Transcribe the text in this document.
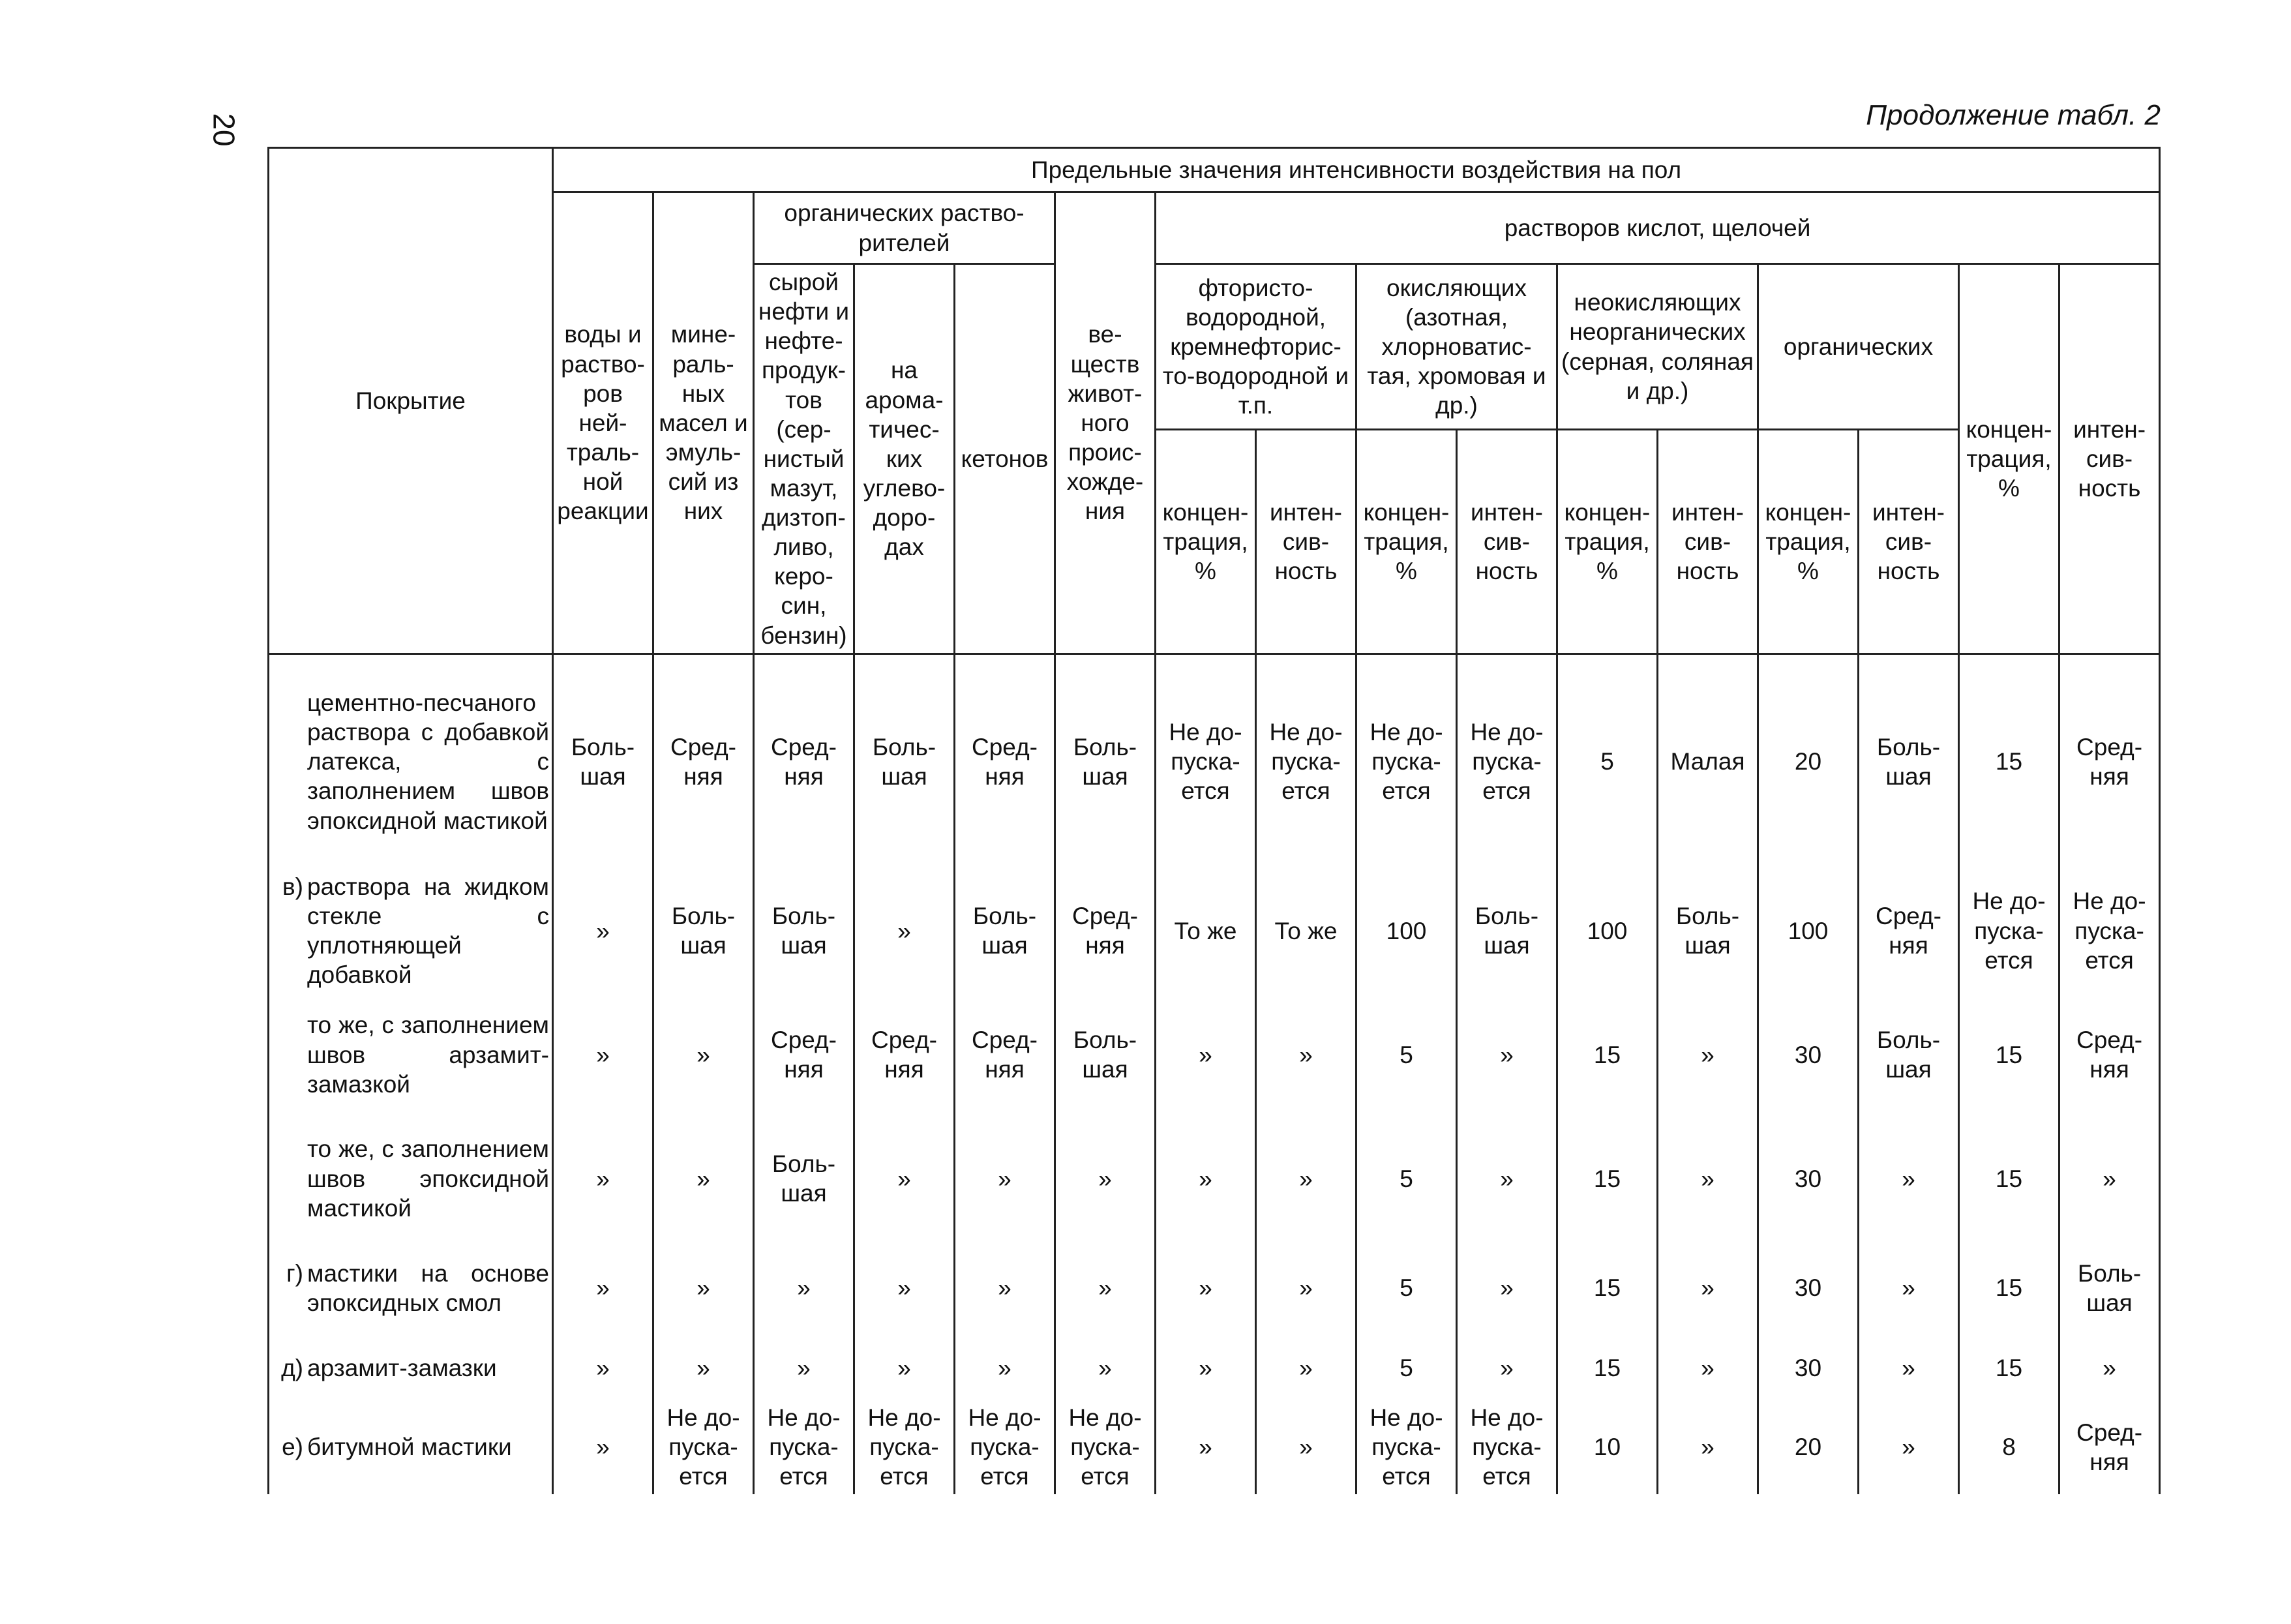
20	Продолжение табл. 2
Покрытие	Предельные значения интенсивности воздействия на пол															
	воды и раство-ров ней-траль-ной реакции	мине-раль-ных масел и эмуль-сий из них	органических раство-рителей			ве-ществ живот-ного проис-хожде-ния	растворов кислот, щелочей									
			сырой нефти и нефте-продук-тов (сер-нистый мазут, дизтоп-ливо, керо-син, бензин)	на арома-тичес-ких углево-доро-дах	кетонов		фтористо-водородной, кремнефторис-то-водородной и т.п.		окисляющих (азотная, хлорноватис-тая, хромовая и др.)		неокисляющих неорганических (серная, соляная и др.)		органических		концен-трация, %	интен-сив-ность
							концен-трация, %	интен-сив-ность	концен-трация, %	интен-сив-ность	концен-трация, %	интен-сив-ность	концен-трация, %	интен-сив-ность		

цементно-песчаного раствора с добавкой латекса, с заполнением швов эпоксидной мастикой	Боль-шая	Сред-няя	Сред-няя	Боль-шая	Сред-няя	Боль-шая	Не до-пуска-ется	Не до-пуска-ется	Не до-пуска-ется	Не до-пуска-ется	5	Малая	20	Боль-шая	15	Сред-няя

в) раствора на жидком стекле с уплотняющей добавкой	»	Боль-шая	Боль-шая	»	Боль-шая	Сред-няя	То же	То же	100	Боль-шая	100	Боль-шая	100	Сред-няя	Не до-пуска-ется	Не до-пуска-ется

то же, с заполнением швов арзамит-замазкой	»	»	Сред-няя	Сред-няя	Сред-няя	Боль-шая	»	»	5	»	15	»	30	Боль-шая	15	Сред-няя

то же, с заполнением швов эпоксидной мастикой	»	»	Боль-шая	»	»	»	»	»	5	»	15	»	30	»	15	»

г) мастики на основе эпоксидных смол	»	»	»	»	»	»	»	»	5	»	15	»	30	»	15	Боль-шая

д) арзамит-замазки	»	»	»	»	»	»	»	»	5	»	15	»	30	»	15	»

е) битумной мастики	»	Не до-пуска-ется	Не до-пуска-ется	Не до-пуска-ется	Не до-пуска-ется	Не до-пуска-ется	»	»	Не до-пуска-ется	Не до-пуска-ется	10	»	20	»	8	Сред-няя
